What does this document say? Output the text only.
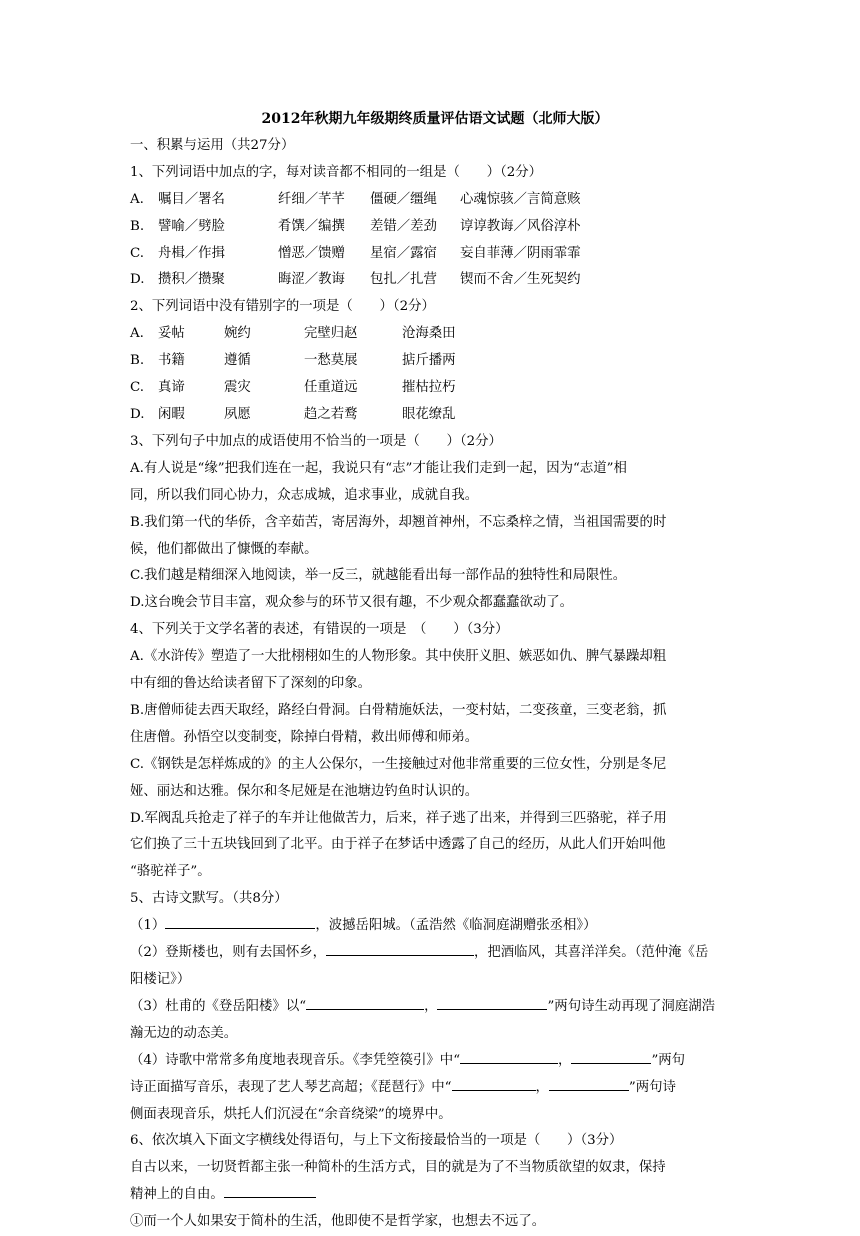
2012年秋期九年级期终质量评估语文试题（北师大版）
一、积累与运用（共27分）
1、下列词语中加点的字，每对读音都不相同的一组是（　　）（2分）
A.	嘱目／署名	纤细／芊芊	僵硬／缰绳	心魂惊骇／言简意赅
B.	譬喻／劈脸	肴馔／编撰	差错／差劲	谆谆教诲／风俗淳朴
C.	舟楫／作揖	憎恶／馈赠	星宿／露宿	妄自菲薄／阴雨霏霏
D.	攒积／攒聚	晦涩／教诲	包扎／扎营	锲而不舍／生死契约
2、下列词语中没有错别字的一项是（　　）（2分）
A.	妥帖	婉约	完壁归赵	沧海桑田
B.	书籍	遵循	一愁莫展	掂斤播两
C.	真谛	震灾	任重道远	摧枯拉朽
D.	闲暇	夙愿	趋之若鹜	眼花缭乱
3、下列句子中加点的成语使用不恰当的一项是（　　）（2分）
A.有人说是“缘”把我们连在一起，我说只有“志”才能让我们走到一起，因为“志道”相
同，所以我们同心协力，众志成城，追求事业，成就自我。
B.我们第一代的华侨，含辛茹苦，寄居海外，却翘首神州，不忘桑梓之情，当祖国需要的时
候，他们都做出了慷慨的奉献。
C.我们越是精细深入地阅读，举一反三，就越能看出每一部作品的独特性和局限性。
D.这台晚会节目丰富，观众参与的环节又很有趣，不少观众都蠢蠢欲动了。
4、下列关于文学名著的表述，有错误的一项是　（　　）（3分）
A.《水浒传》塑造了一大批栩栩如生的人物形象。其中侠肝义胆、嫉恶如仇、脾气暴躁却粗
中有细的鲁达给读者留下了深刻的印象。
B.唐僧师徒去西天取经，路经白骨洞。白骨精施妖法，一变村姑，二变孩童，三变老翁，抓
住唐僧。孙悟空以变制变，除掉白骨精，救出师傅和师弟。
C.《钢铁是怎样炼成的》的主人公保尔，一生接触过对他非常重要的三位女性，分别是冬尼
娅、丽达和达雅。保尔和冬尼娅是在池塘边钓鱼时认识的。
D.军阀乱兵抢走了祥子的车并让他做苦力，后来，祥子逃了出来，并得到三匹骆驼，祥子用
它们换了三十五块钱回到了北平。由于祥子在梦话中透露了自己的经历，从此人们开始叫他
“骆驼祥子”。
5、古诗文默写。（共8分）
（1）	，波撼岳阳城。（孟浩然《临洞庭湖赠张丞相》）
（2）登斯楼也，则有去国怀乡，	，把酒临风，其喜洋洋矣。（范仲淹《岳
阳楼记》）
（3）杜甫的《登岳阳楼》以“	，	”两句诗生动再现了洞庭湖浩
瀚无边的动态美。
（4）诗歌中常常多角度地表现音乐。《李凭箜篌引》中“	，	”两句
诗正面描写音乐，表现了艺人琴艺高超；《琵琶行》中“	，	”两句诗
侧面表现音乐，烘托人们沉浸在“余音绕梁”的境界中。
6、依次填入下面文字横线处得语句，与上下文衔接最恰当的一项是（　　）（3分）
自古以来，一切贤哲都主张一种简朴的生活方式，目的就是为了不当物质欲望的奴隶，保持
精神上的自由。
①而一个人如果安于简朴的生活，他即使不是哲学家，也想去不远了。
